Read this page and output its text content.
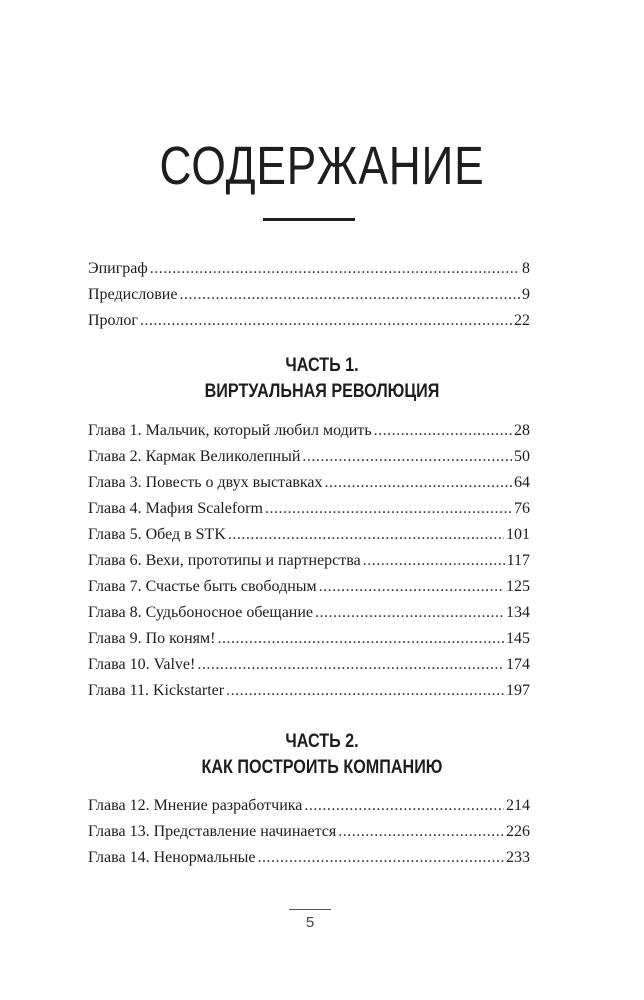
СОДЕРЖАНИЕ
Эпиграф .....	8
Предисловие .....	9
Пролог .....	22
ЧАСТЬ 1.
ВИРТУАЛЬНАЯ РЕВОЛЮЦИЯ
Глава 1. Мальчик, который любил модить .....	28
Глава 2. Кармак Великолепный .....	50
Глава 3. Повесть о двух выставках .....	64
Глава 4. Мафия Scaleform .....	76
Глава 5. Обед в STK .....	101
Глава 6. Вехи, прототипы и партнерства .....	117
Глава 7. Счастье быть свободным .....	125
Глава 8. Судьбоносное обещание .....	134
Глава 9. По коням! .....	145
Глава 10. Valve! .....	174
Глава 11. Kickstarter .....	197
ЧАСТЬ 2.
КАК ПОСТРОИТЬ КОМПАНИЮ
Глава 12. Мнение разработчика .....	214
Глава 13. Представление начинается .....	226
Глава 14. Ненормальные .....	233
5
